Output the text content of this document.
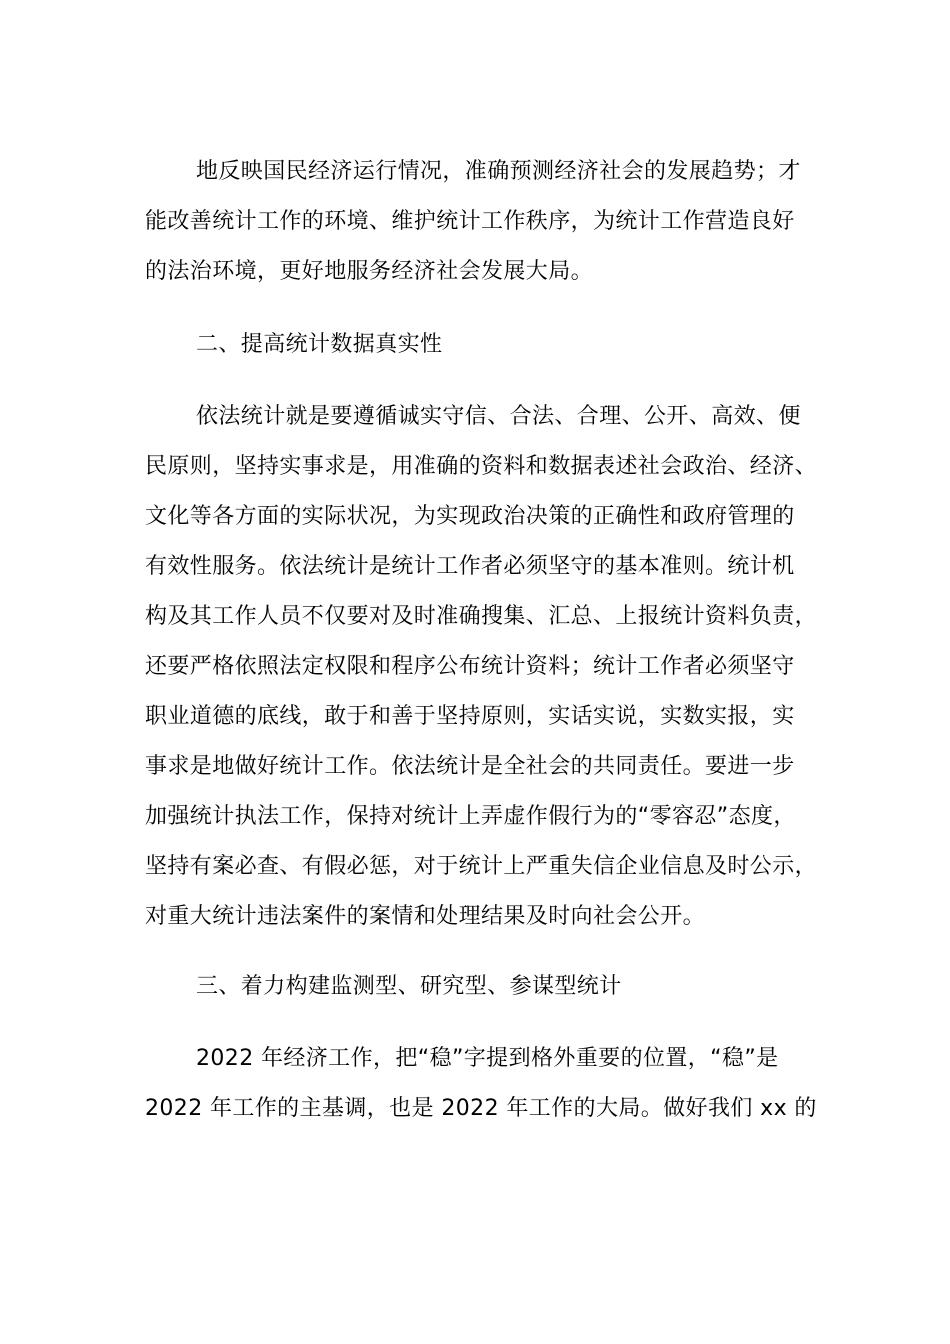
地反映国民经济运行情况，准确预测经济社会的发展趋势；才
能改善统计工作的环境、维护统计工作秩序，为统计工作营造良好
的法治环境，更好地服务经济社会发展大局。
二、提高统计数据真实性
依法统计就是要遵循诚实守信、合法、合理、公开、高效、便
民原则，坚持实事求是，用准确的资料和数据表述社会政治、经济、
文化等各方面的实际状况，为实现政治决策的正确性和政府管理的
有效性服务。依法统计是统计工作者必须坚守的基本准则。统计机
构及其工作人员不仅要对及时准确搜集、汇总、上报统计资料负责，
还要严格依照法定权限和程序公布统计资料；统计工作者必须坚守
职业道德的底线，敢于和善于坚持原则，实话实说，实数实报，实
事求是地做好统计工作。依法统计是全社会的共同责任。要进一步
加强统计执法工作，保持对统计上弄虚作假行为的“零容忍”态度，
坚持有案必查、有假必惩，对于统计上严重失信企业信息及时公示，
对重大统计违法案件的案情和处理结果及时向社会公开。
三、着力构建监测型、研究型、参谋型统计
2022 年经济工作，把“稳”字提到格外重要的位置，“稳”是
2022 年工作的主基调，也是 2022 年工作的大局。做好我们 xx 的
